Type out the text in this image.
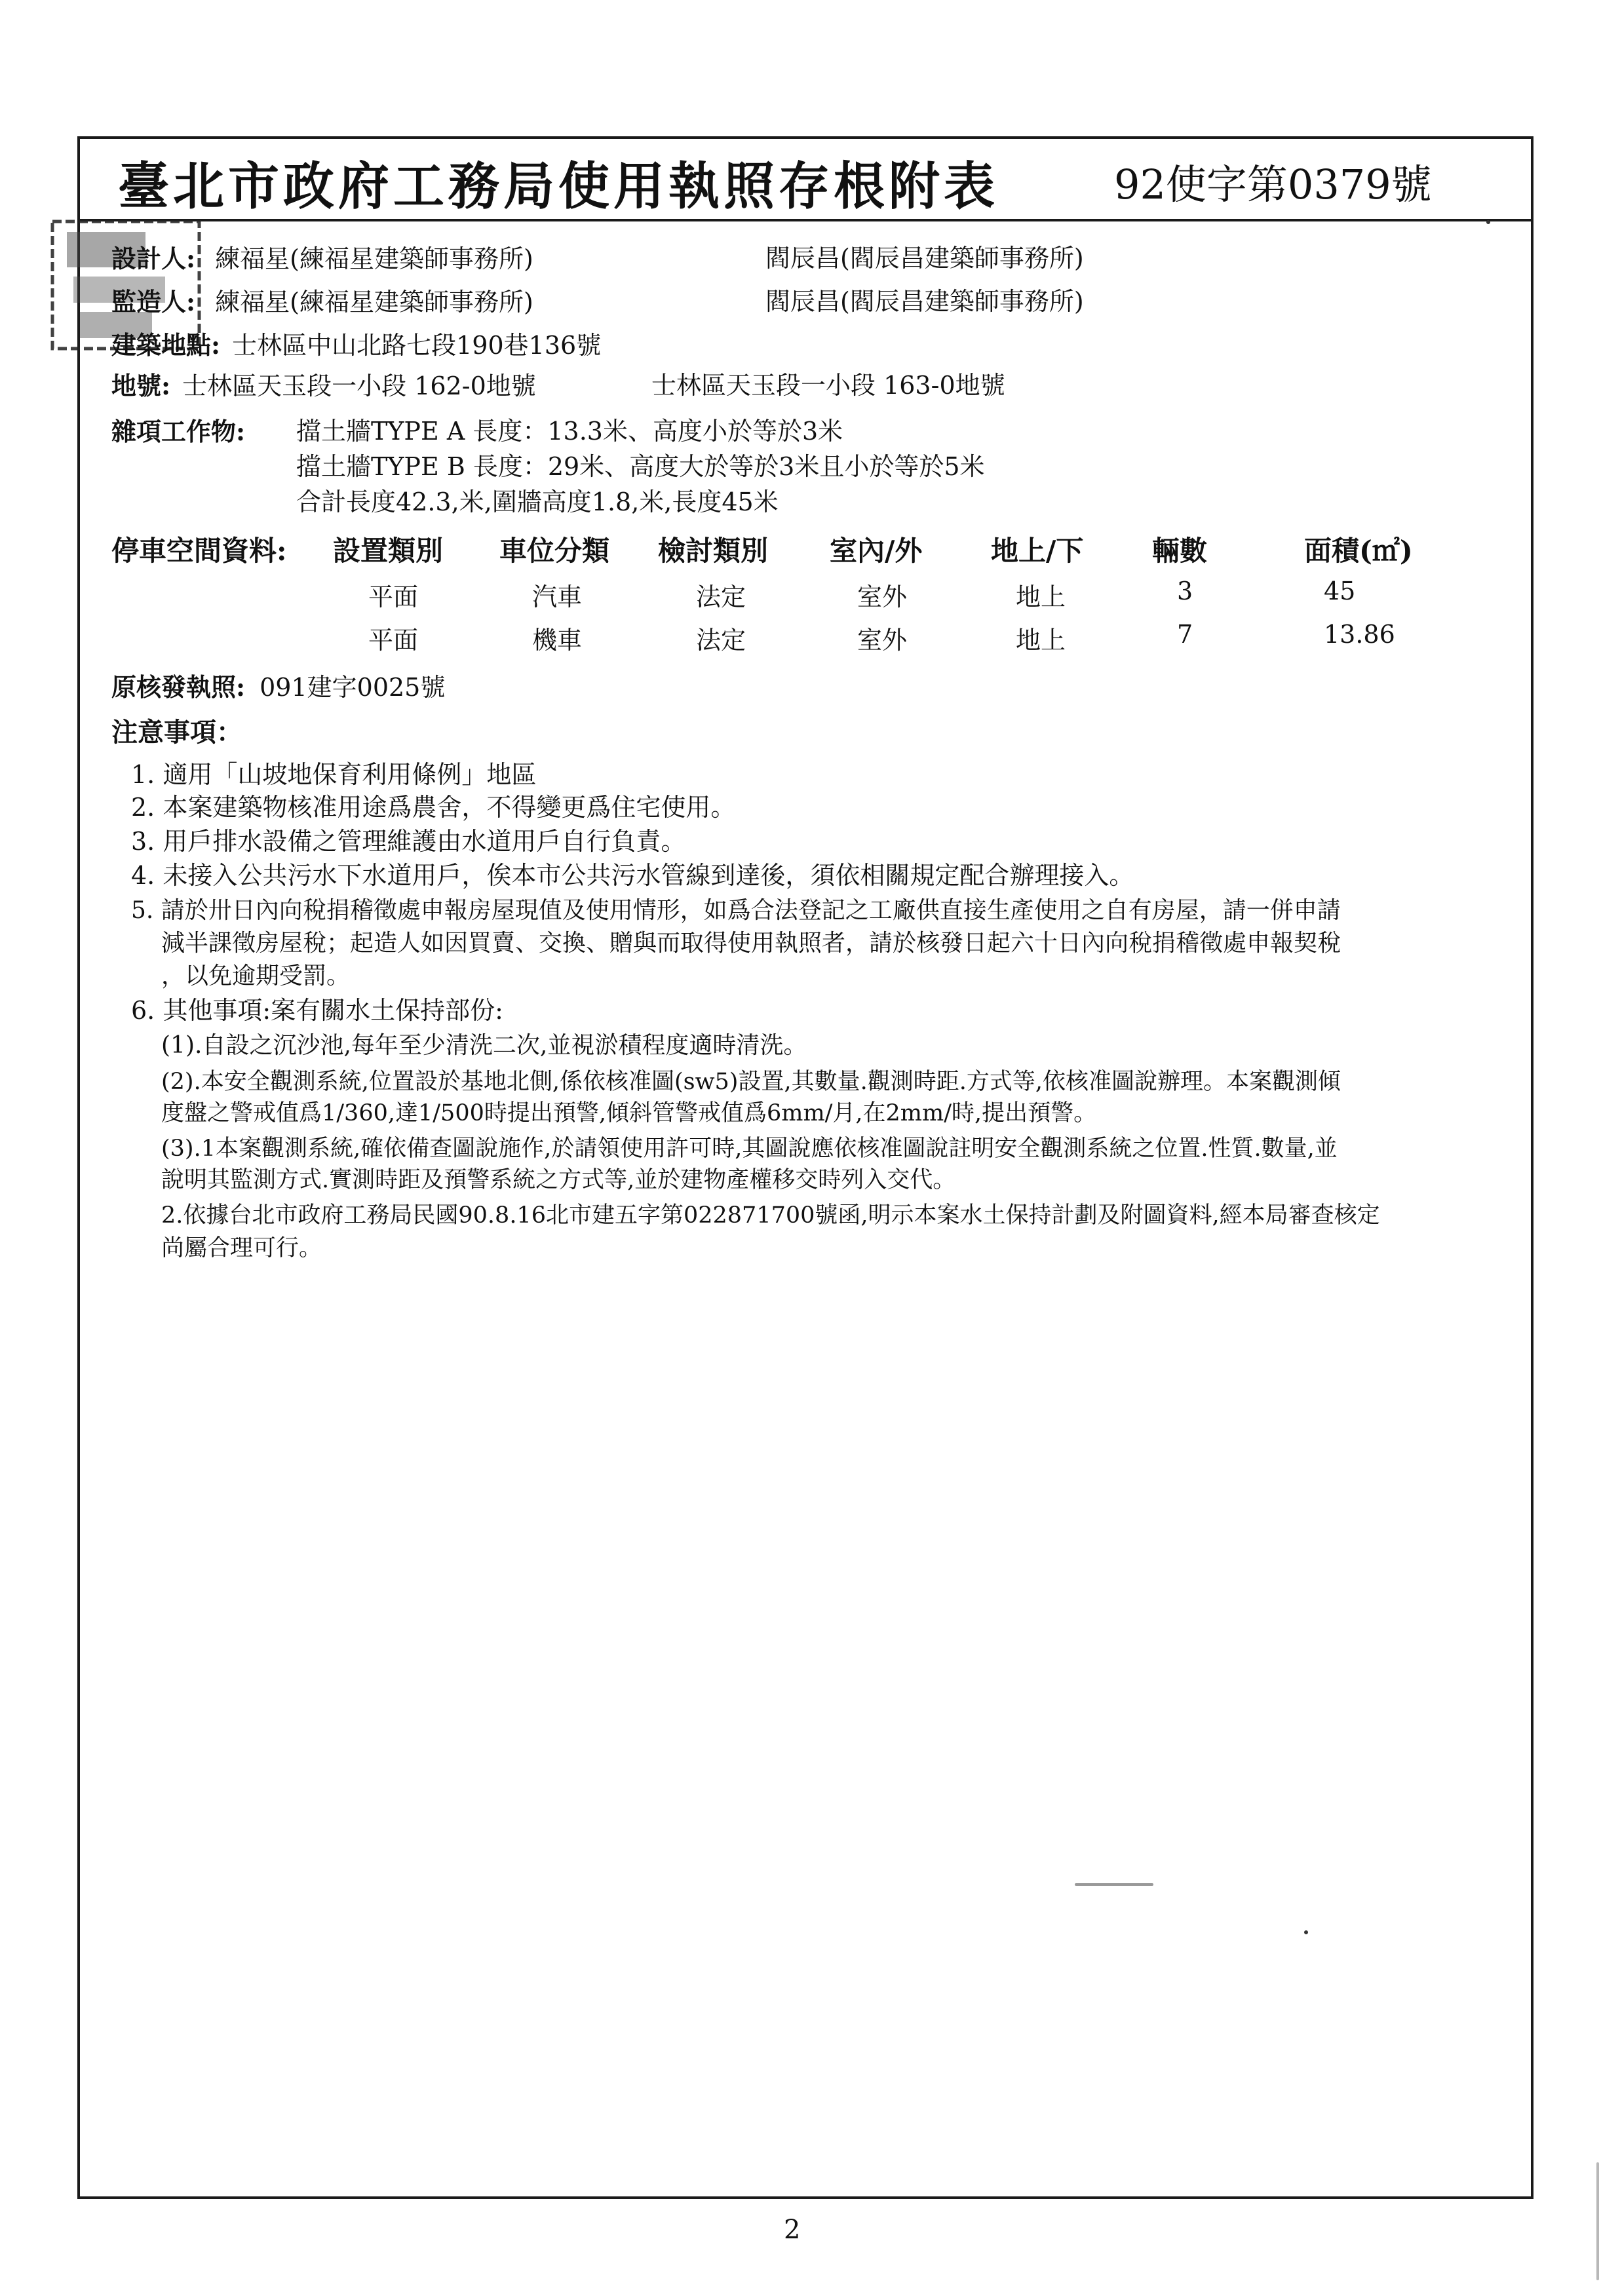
臺北市政府工務局使用執照存根附表	92使字第0379號
設計人: 練福星(練福星建築師事務所)	閻辰昌(閻辰昌建築師事務所)
監造人: 練福星(練福星建築師事務所)	閻辰昌(閻辰昌建築師事務所)
建築地點: 士林區中山北路七段190巷136號
地號: 士林區天玉段一小段 162-0地號	士林區天玉段一小段 163-0地號
雜項工作物: 擋土牆TYPE A 長度：13.3米、高度小於等於3米
擋土牆TYPE B 長度：29米、高度大於等於3米且小於等於5米
合計長度42.3,米,圍牆高度1.8,米,長度45米
停車空間資料: 設置類別 車位分類 檢討類別 室內/外 地上/下 輛數	面積(㎡)
平面	汽車	法定	室外	地上	3	45
平面	機車	法定	室外	地上	7	13.86
原核發執照: 091建字0025號
注意事項：
1. 適用「山坡地保育利用條例」地區
2. 本案建築物核准用途爲農舍，不得變更爲住宅使用。
3. 用戶排水設備之管理維護由水道用戶自行負責。
4. 未接入公共污水下水道用戶，俟本市公共污水管線到達後，須依相關規定配合辦理接入。
5. 請於卅日內向稅捐稽徵處申報房屋現值及使用情形，如爲合法登記之工廠供直接生產使用之自有房屋，請一併申請
減半課徵房屋稅；起造人如因買賣、交換、贈與而取得使用執照者，請於核發日起六十日內向稅捐稽徵處申報契稅
，以免逾期受罰。
6. 其他事項:案有關水土保持部份:
(1).自設之沉沙池,每年至少清洗二次,並視淤積程度適時清洗。
(2).本安全觀測系統,位置設於基地北側,係依核准圖(sw5)設置,其數量.觀測時距.方式等,依核准圖說辦理。本案觀測傾
度盤之警戒值爲1/360,達1/500時提出預警,傾斜管警戒值爲6mm/月,在2mm/時,提出預警。
(3).1本案觀測系統,確依備查圖說施作,於請領使用許可時,其圖說應依核准圖說註明安全觀測系統之位置.性質.數量,並
說明其監測方式.實測時距及預警系統之方式等,並於建物產權移交時列入交代。
2.依據台北市政府工務局民國90.8.16北市建五字第022871700號函,明示本案水土保持計劃及附圖資料,經本局審查核定
尚屬合理可行。
2
